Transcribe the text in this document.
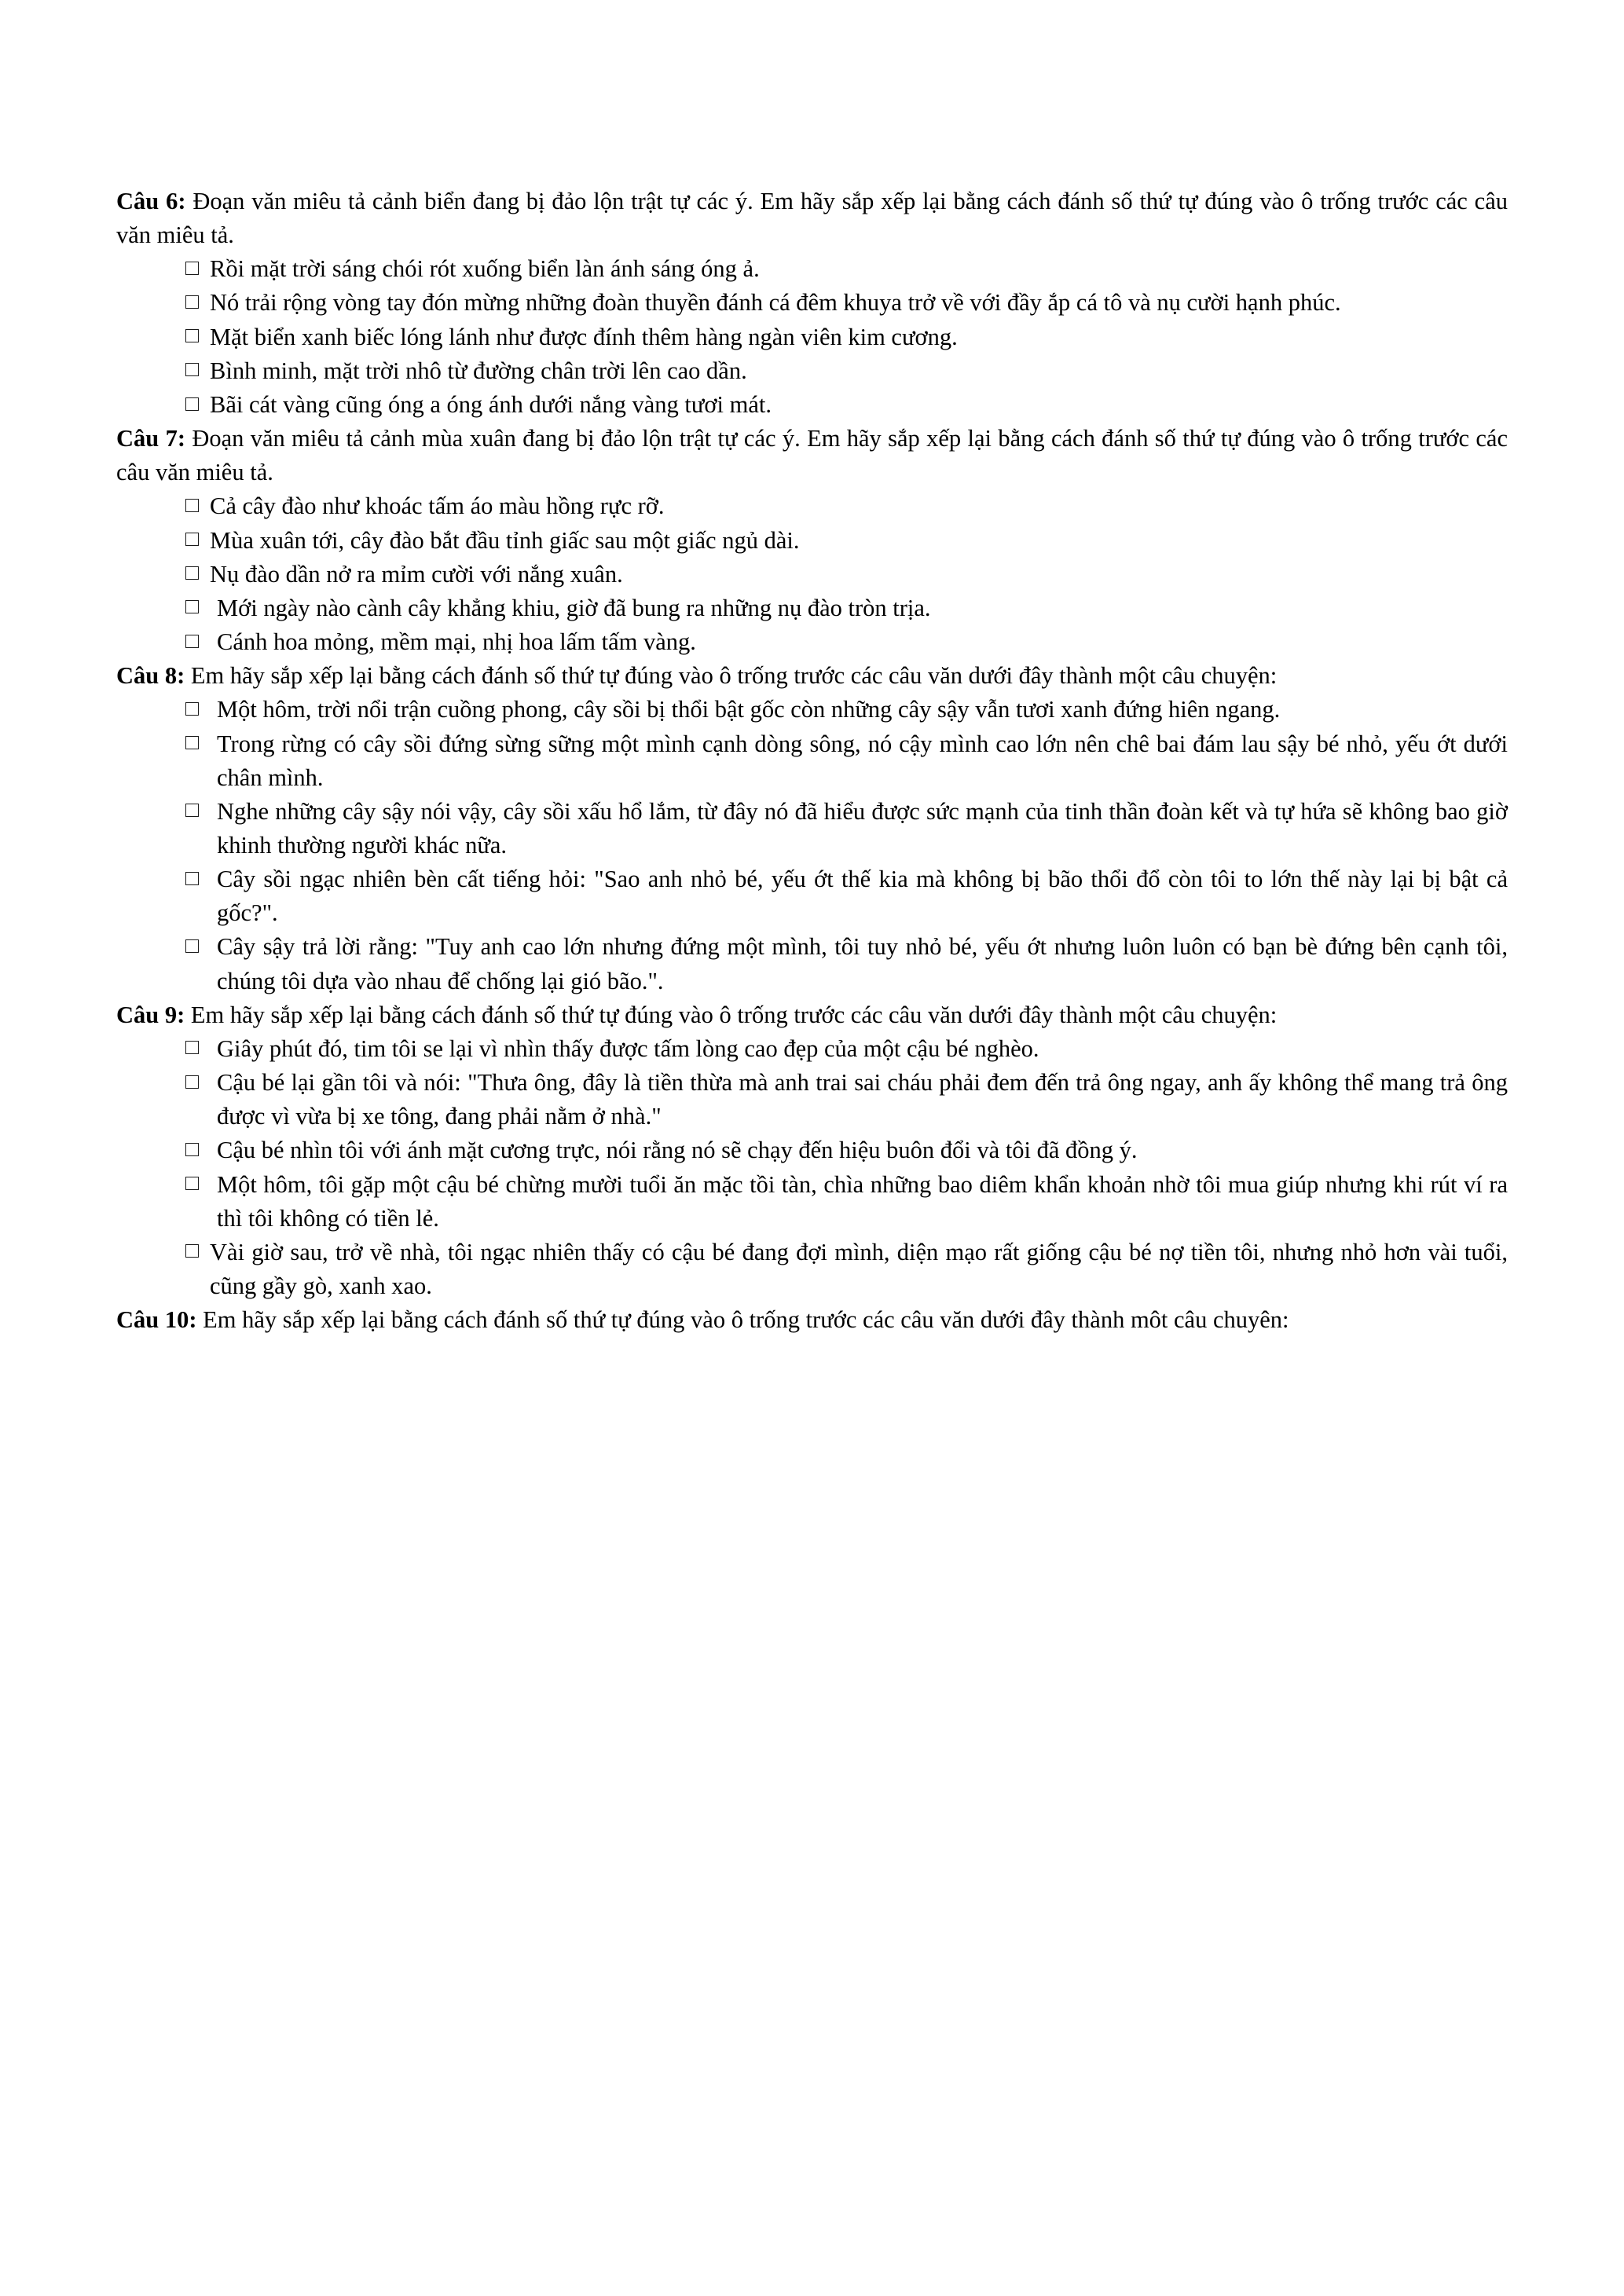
Câu 6: Đoạn văn miêu tả cảnh biển đang bị đảo lộn trật tự các ý. Em hãy sắp xếp lại bằng cách đánh số thứ tự đúng vào ô trống trước các câu văn miêu tả.

Rồi mặt trời sáng chói rót xuống biển làn ánh sáng óng ả.
Nó trải rộng vòng tay đón mừng những đoàn thuyền đánh cá đêm khuya trở về với đầy ắp cá tô và nụ cười hạnh phúc.
Mặt biển xanh biếc lóng lánh như được đính thêm hàng ngàn viên kim cương.
Bình minh, mặt trời nhô từ đường chân trời lên cao dần.
Bãi cát vàng cũng óng a óng ánh dưới nắng vàng tươi mát.

Câu 7: Đoạn văn miêu tả cảnh mùa xuân đang bị đảo lộn trật tự các ý. Em hãy sắp xếp lại bằng cách đánh số thứ tự đúng vào ô trống trước các câu văn miêu tả.

Cả cây đào như khoác tấm áo màu hồng rực rỡ.
Mùa xuân tới, cây đào bắt đầu tỉnh giấc sau một giấc ngủ dài.
Nụ đào dần nở ra mỉm cười với nắng xuân.
Mới ngày nào cành cây khẳng khiu, giờ đã bung ra những nụ đào tròn trịa.
Cánh hoa mỏng, mềm mại, nhị hoa lấm tấm vàng.

Câu 8: Em hãy sắp xếp lại bằng cách đánh số thứ tự đúng vào ô trống trước các câu văn dưới đây thành một câu chuyện:

Một hôm, trời nổi trận cuồng phong, cây sồi bị thổi bật gốc còn những cây sậy vẫn tươi xanh đứng hiên ngang.
Trong rừng có cây sồi đứng sừng sững một mình cạnh dòng sông, nó cậy mình cao lớn nên chê bai đám lau sậy bé nhỏ, yếu ớt dưới chân mình.
Nghe những cây sậy nói vậy, cây sồi xấu hổ lắm, từ đây nó đã hiểu được sức mạnh của tinh thần đoàn kết và tự hứa sẽ không bao giờ khinh thường người khác nữa.
Cây sồi ngạc nhiên bèn cất tiếng hỏi: "Sao anh nhỏ bé, yếu ớt thế kia mà không bị bão thổi đổ còn tôi to lớn thế này lại bị bật cả gốc?".
Cây sậy trả lời rằng: "Tuy anh cao lớn nhưng đứng một mình, tôi tuy nhỏ bé, yếu ớt nhưng luôn luôn có bạn bè đứng bên cạnh tôi, chúng tôi dựa vào nhau để chống lại gió bão.".

Câu 9: Em hãy sắp xếp lại bằng cách đánh số thứ tự đúng vào ô trống trước các câu văn dưới đây thành một câu chuyện:

Giây phút đó, tim tôi se lại vì nhìn thấy được tấm lòng cao đẹp của một cậu bé nghèo.
Cậu bé lại gần tôi và nói: "Thưa ông, đây là tiền thừa mà anh trai sai cháu phải đem đến trả ông ngay, anh ấy không thể mang trả ông được vì vừa bị xe tông, đang phải nằm ở nhà."
Cậu bé nhìn tôi với ánh mặt cương trực, nói rằng nó sẽ chạy đến hiệu buôn đổi và tôi đã đồng ý.
Một hôm, tôi gặp một cậu bé chừng mười tuổi ăn mặc tồi tàn, chìa những bao diêm khẩn khoản nhờ tôi mua giúp nhưng khi rút ví ra thì tôi không có tiền lẻ.
Vài giờ sau, trở về nhà, tôi ngạc nhiên thấy có cậu bé đang đợi mình, diện mạo rất giống cậu bé nợ tiền tôi, nhưng nhỏ hơn vài tuổi, cũng gầy gò, xanh xao.

Câu 10: Em hãy sắp xếp lại bằng cách đánh số thứ tự đúng vào ô trống trước các câu văn dưới đây thành môt câu chuyên:
